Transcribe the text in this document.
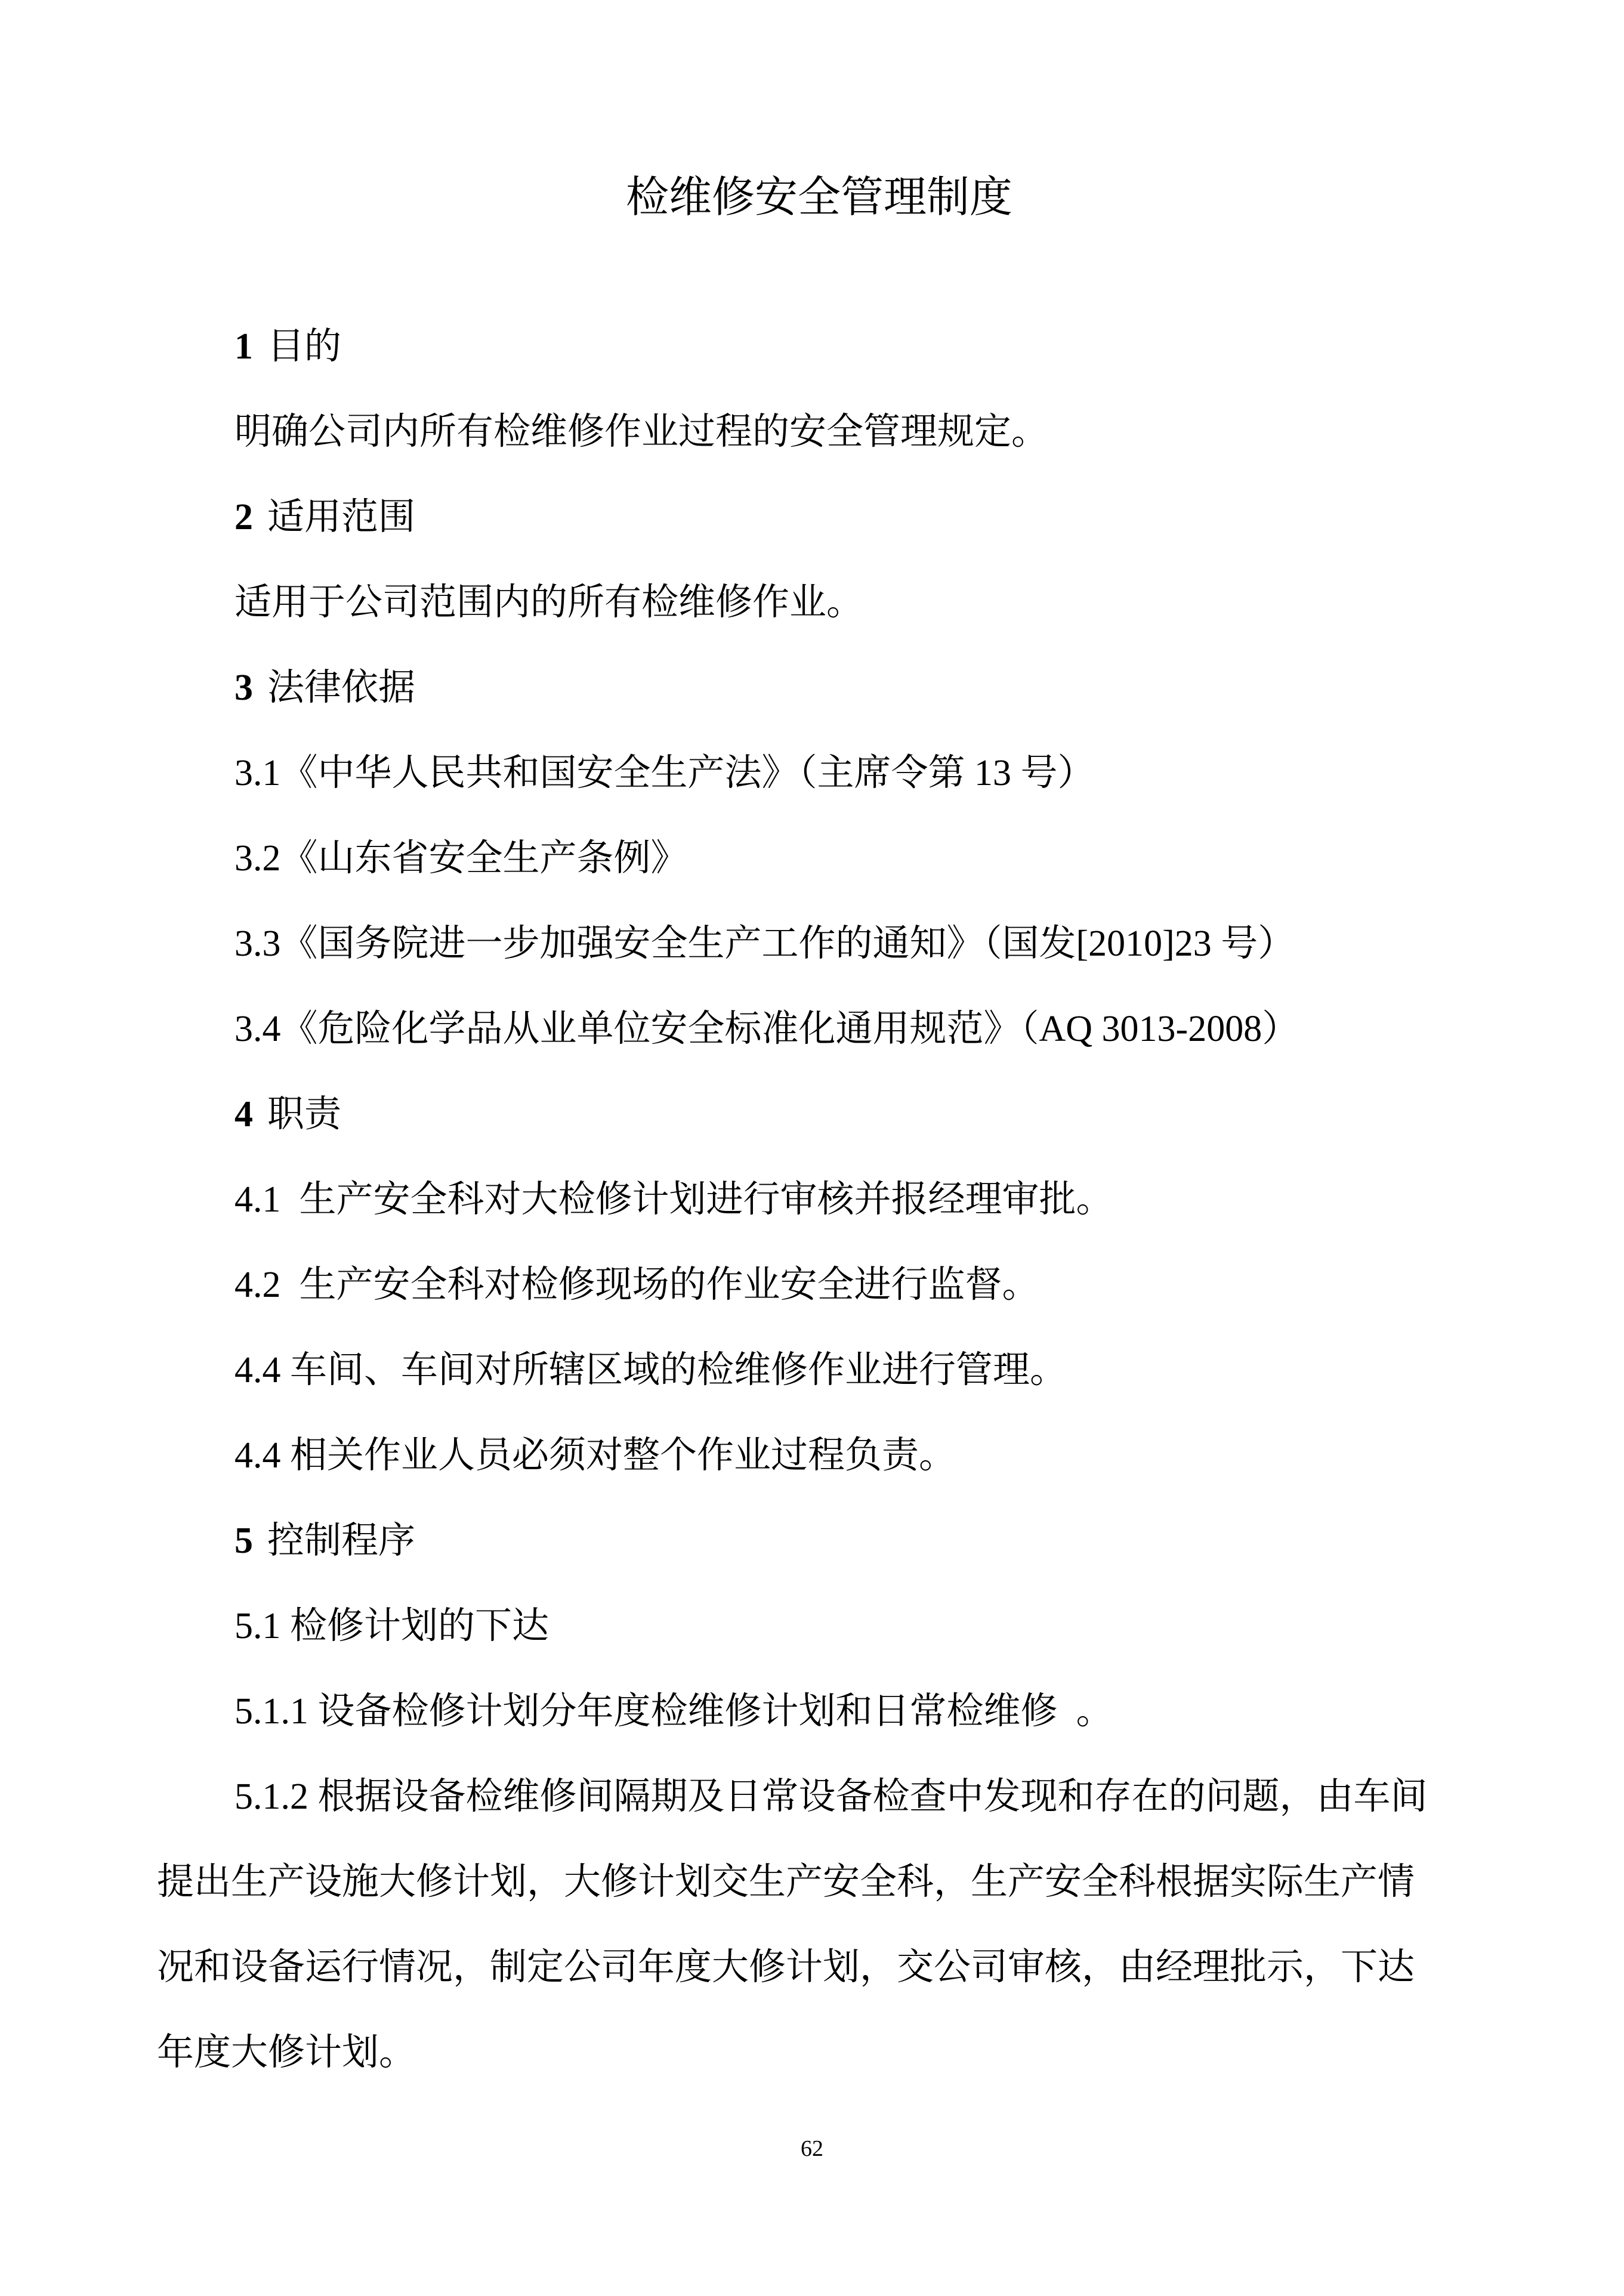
检维修安全管理制度
1 目的
明确公司内所有检维修作业过程的安全管理规定。
2 适用范围
适用于公司范围内的所有检维修作业。
3 法律依据
3.1《中华人民共和国安全生产法》（主席令第 13 号）
3.2《山东省安全生产条例》
3.3《国务院进一步加强安全生产工作的通知》（国发[2010]23 号）
3.4《危险化学品从业单位安全标准化通用规范》（AQ 3013-2008）
4 职责
4.1  生产安全科对大检修计划进行审核并报经理审批。
4.2  生产安全科对检修现场的作业安全进行监督。
4.4 车间、车间对所辖区域的检维修作业进行管理。
4.4 相关作业人员必须对整个作业过程负责。
5 控制程序
5.1 检修计划的下达
5.1.1 设备检修计划分年度检维修计划和日常检维修  。
5.1.2 根据设备检维修间隔期及日常设备检查中发现和存在的问题，由车间
提出生产设施大修计划，大修计划交生产安全科，生产安全科根据实际生产情
况和设备运行情况，制定公司年度大修计划，交公司审核，由经理批示，下达
年度大修计划。
62
